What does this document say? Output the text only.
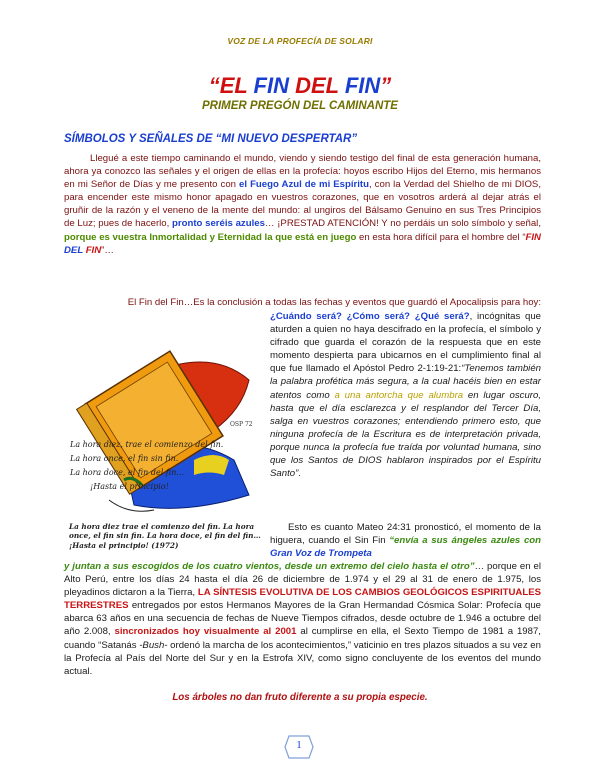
VOZ DE LA PROFECÍA DE SOLARI
“EL FIN DEL FIN”
PRIMER PREGÓN DEL CAMINANTE
SÍMBOLOS Y SEÑALES DE “MI NUEVO DESPERTAR”
Llegué a este tiempo caminando el mundo, viendo y siendo testigo del final de esta generación humana, ahora ya conozco las señales y el origen de ellas en la profecía: hoyos escribo Hijos del Eterno, mis hermanos en mi Señor de Días y me presento con el Fuego Azul de mi Espíritu, con la Verdad del Shielho de mi DIOS, para encender este mismo honor apagado en vuestros corazones, que en vosotros arderá al dejar atrás el gruñir de la razón y el veneno de la mente del mundo: al ungiros del Bálsamo Genuino en sus Tres Principios de Luz; pues de hacerlo, pronto seréis azules… ¡PRESTAD ATENCIÓN! Y no perdáis un solo símbolo y señal, porque es vuestra Inmortalidad y Eternidad la que está en juego en esta hora difícil para el hombre del “FIN DEL FIN”…
El Fin del Fin…Es la conclusión a todas las fechas y eventos que guardó el Apocalipsis para hoy:
¿Cuándo será? ¿Cómo será? ¿Qué será?, incógnitas que aturden a quien no haya descifrado en la profecía, el símbolo y cifrado que guarda el corazón de la respuesta que en este momento despierta para ubicarnos en el cumplimiento final al que fue llamado el Apóstol Pedro 2-1:19-21:“Tenemos también la palabra profética más segura, a la cual hacéis bien en estar atentos como a una antorcha que alumbra en lugar oscuro, hasta que el día esclarezca y el resplandor del Tercer Día, salga en vuestros corazones; entendiendo primero esto, que ninguna profecía de la Escritura es de interpretación privada, porque nunca la profecía fue traída por voluntad humana, sino que los Santos de DIOS hablaron inspirados por el Espíritu Santo”.
La hora diez, trae el comienzo del fin.
La hora once, el fin sin fin.
La hora doce, el fin del fin…
¡Hasta el principio!
OSP 72
La hora diez trae el comienzo del fin. La hora once, el fin sin fin. La hora doce, el fin del fin… ¡Hasta el principio! (1972)
Esto es cuanto Mateo 24:31 pronosticó, el momento de la higuera, cuando el Sin Fin “envía a sus ángeles azules con Gran Voz de Trompeta
y juntan a sus escogidos de los cuatro vientos, desde un extremo del cielo hasta el otro”… porque en el Alto Perú, entre los días 24 hasta el día 26 de diciembre de 1.974 y el 29 al 31 de enero de 1.975, los pleyadinos dictaron a la Tierra, LA SÍNTESIS EVOLUTIVA DE LOS CAMBIOS GEOLÓGICOS ESPIRITUALES TERRESTRES entregados por estos Hermanos Mayores de la Gran Hermandad Cósmica Solar: Profecía que abarca 63 años en una secuencia de fechas de Nueve Tiempos cifrados, desde octubre de 1.946 a octubre del año 2.008, sincronizados hoy visualmente al 2001 al cumplirse en ella, el Sexto Tiempo de 1981 a 1987, cuando “Satanás -Bush- ordenó la marcha de los acontecimientos,” vaticinio en tres plazos situados a su vez en la Profecía al País del Norte del Sur y en la Estrofa XIV, como signo concluyente de los eventos del mundo actual.
Los árboles no dan fruto diferente a su propia especie.
1
